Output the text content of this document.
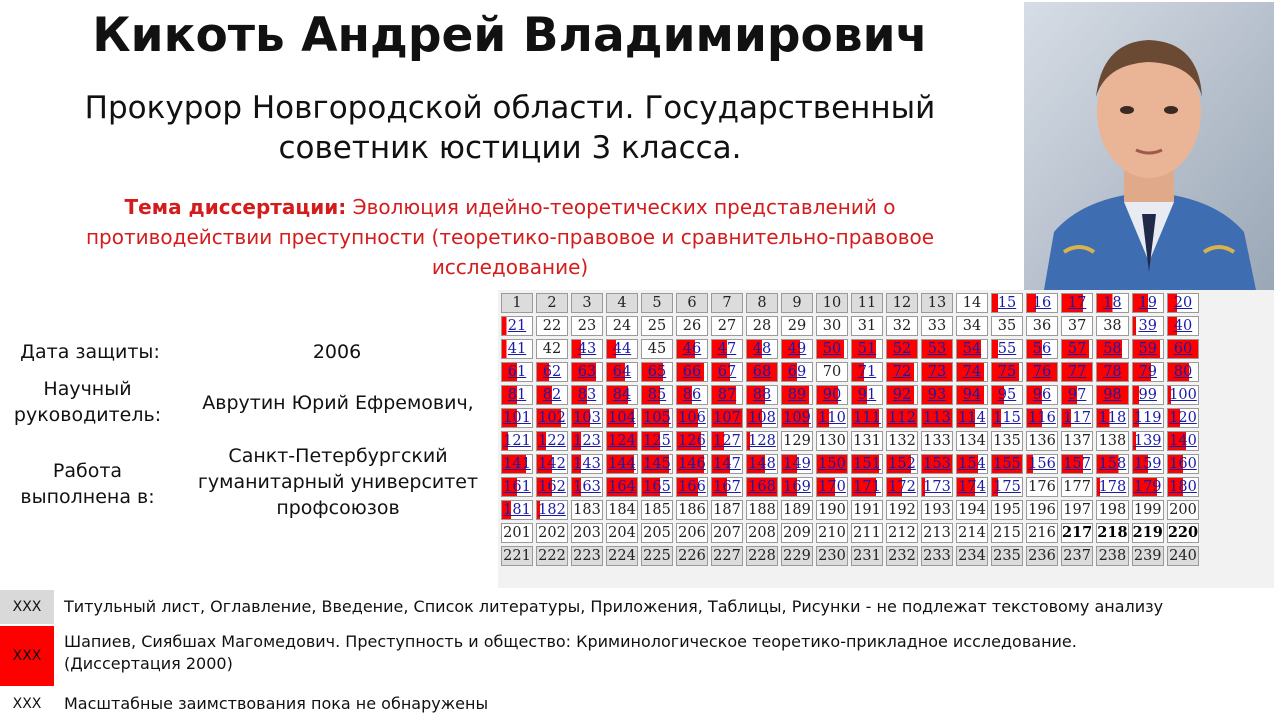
Кикоть Андрей Владимирович
Прокурор Новгородской области. Государственный
советник юстиции 3 класса.
Тема диссертации: Эволюция идейно-теоретических представлений о противодействии преступности (теоретико-правовое и сравнительно-правовое исследование)
Дата защиты:	2006
Научный
руководитель:
Аврутин Юрий Ефремович,
Работа
выполнена в:
Санкт-Петербургский
гуманитарный университет
профсоюзов
1	2	3	4	5	6	7	8	9	10	11	12	13	14	15	16	17	18	19	20
21	22	23	24	25	26	27	28	29	30	31	32	33	34	35	36	37	38	39	40
41	42	43	44	45	46	47	48	49	50	51	52	53	54	55	56	57	58	59	60
61	62	63	64	65	66	67	68	69	70	71	72	73	74	75	76	77	78	79	80
81	82	83	84	85	86	87	88	89	90	91	92	93	94	95	96	97	98	99	100
101	102	103	104	105	106	107	108	109	110	111	112	113	114	115	116	117	118	119	120
121	122	123	124	125	126	127	128	129	130	131	132	133	134	135	136	137	138	139	140
141	142	143	144	145	146	147	148	149	150	151	152	153	154	155	156	157	158	159	160
161	162	163	164	165	166	167	168	169	170	171	172	173	174	175	176	177	178	179	180
181	182	183	184	185	186	187	188	189	190	191	192	193	194	195	196	197	198	199	200
201	202	203	204	205	206	207	208	209	210	211	212	213	214	215	216	217	218	219	220
221	222	223	224	225	226	227	228	229	230	231	232	233	234	235	236	237	238	239	240
XXX	Титульный лист, Оглавление, Введение, Список литературы, Приложения, Таблицы, Рисунки - не подлежат текстовому анализу
XXX
Шапиев, Сиябшах Магомедович. Преступность и общество: Криминологическое теоретико-прикладное исследование.
(Диссертация 2000)
XXX	Масштабные заимствования пока не обнаружены
